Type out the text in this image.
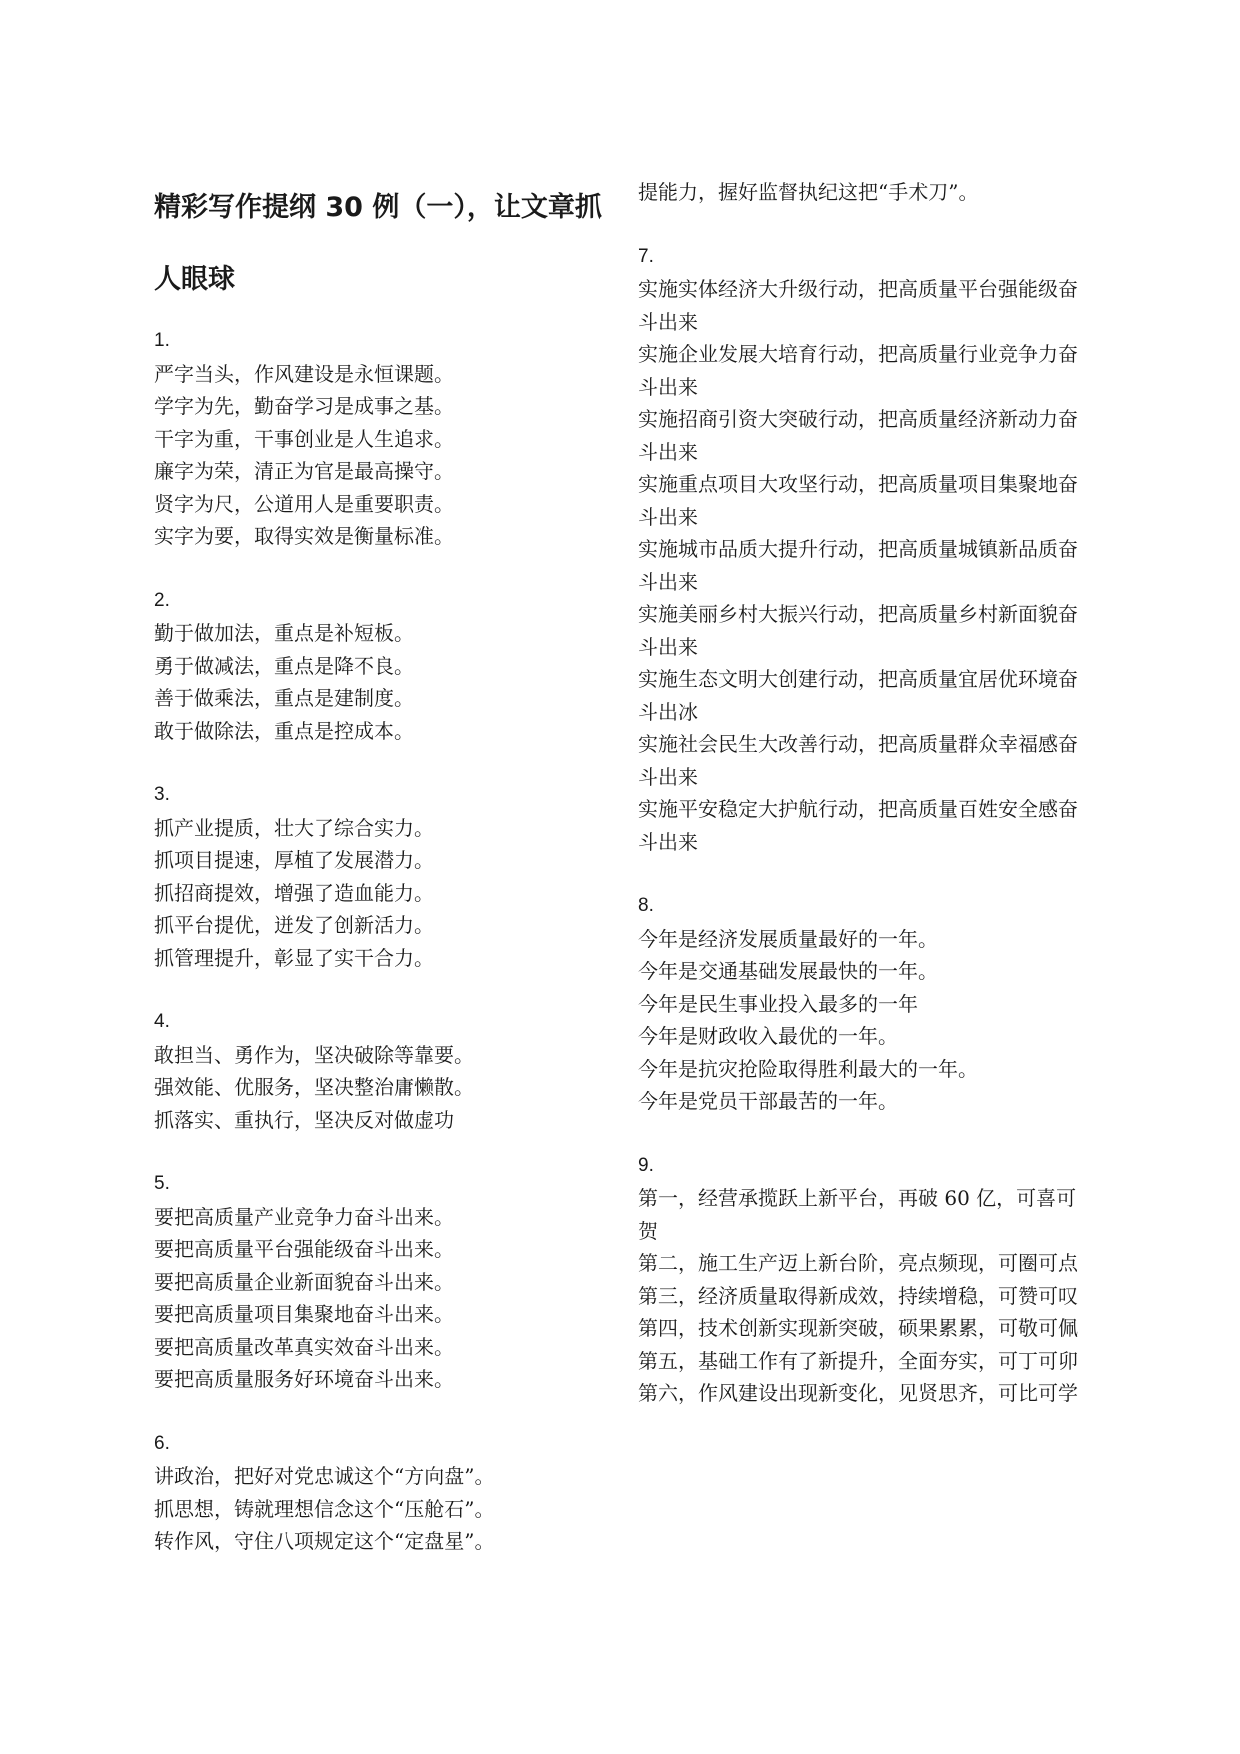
精彩写作提纲 30 例（一），让文章抓人眼球

1.

严字当头，作风建设是永恒课题。

学字为先，勤奋学习是成事之基。

干字为重，干事创业是人生追求。

廉字为荣，清正为官是最高操守。

贤字为尺，公道用人是重要职责。

实字为要，取得实效是衡量标准。

2.

勤于做加法，重点是补短板。

勇于做减法，重点是降不良。

善于做乘法，重点是建制度。

敢于做除法，重点是控成本。

3.

抓产业提质，壮大了综合实力。

抓项目提速，厚植了发展潜力。

抓招商提效，增强了造血能力。

抓平台提优，迸发了创新活力。

抓管理提升，彰显了实干合力。

4.

敢担当、勇作为，坚决破除等靠要。

强效能、优服务，坚决整治庸懒散。

抓落实、重执行，坚决反对做虚功

5.

要把高质量产业竞争力奋斗出来。

要把高质量平台强能级奋斗出来。

要把高质量企业新面貌奋斗出来。

要把高质量项目集聚地奋斗出来。

要把高质量改革真实效奋斗出来。

要把高质量服务好环境奋斗出来。

6.

讲政治，把好对党忠诚这个“方向盘”。

抓思想，铸就理想信念这个“压舱石”。

转作风，守住八项规定这个“定盘星”。

提能力，握好监督执纪这把“手术刀”。

7.

实施实体经济大升级行动，把高质量平台强能级奋斗出来

实施企业发展大培育行动，把高质量行业竞争力奋斗出来

实施招商引资大突破行动，把高质量经济新动力奋斗出来

实施重点项目大攻坚行动，把高质量项目集聚地奋斗出来

实施城市品质大提升行动，把高质量城镇新品质奋斗出来

实施美丽乡村大振兴行动，把高质量乡村新面貌奋斗出来

实施生态文明大创建行动，把高质量宜居优环境奋斗出冰

实施社会民生大改善行动，把高质量群众幸福感奋斗出来

实施平安稳定大护航行动，把高质量百姓安全感奋斗出来

8.

今年是经济发展质量最好的一年。

今年是交通基础发展最快的一年。

今年是民生事业投入最多的一年

今年是财政收入最优的一年。

今年是抗灾抢险取得胜利最大的一年。

今年是党员干部最苦的一年。

9.

第一，经营承揽跃上新平台，再破 60 亿，可喜可贺

第二，施工生产迈上新台阶，亮点频现，可圈可点

第三，经济质量取得新成效，持续增稳，可赞可叹

第四，技术创新实现新突破，硕果累累，可敬可佩

第五，基础工作有了新提升，全面夯实，可丁可卯

第六，作风建设出现新变化，见贤思齐，可比可学
